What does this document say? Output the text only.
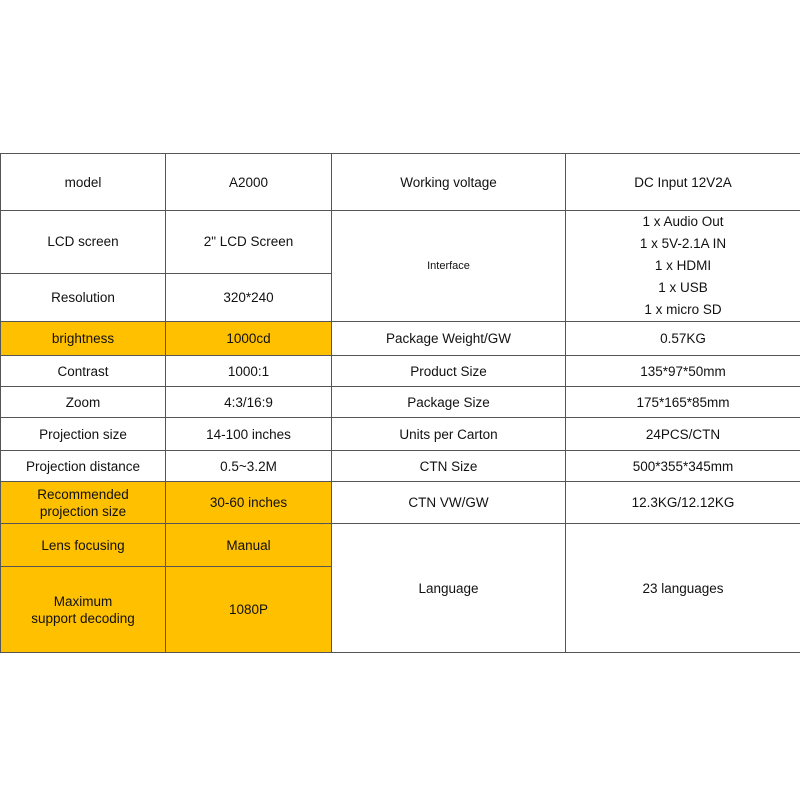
model	A2000	Working voltage	DC Input 12V2A
LCD screen	2" LCD Screen	Interface	1 x Audio Out
1 x 5V-2.1A IN
1 x HDMI
1 x USB
1 x micro SD

Resolution	320*240		
brightness	1000cd	Package Weight/GW	0.57KG
Contrast	1000:1	Product Size	135*97*50mm
Zoom	4:3/16:9	Package Size	175*165*85mm
Projection size	14-100 inches	Units per Carton	24PCS/CTN
Projection distance	0.5~3.2M	CTN Size	500*355*345mm

Recommended
projection size	30-60 inches	CTN VW/GW	12.3KG/12.12KG
Lens focusing	Manual	Language	23 languages

Maximum
support decoding	1080P		
